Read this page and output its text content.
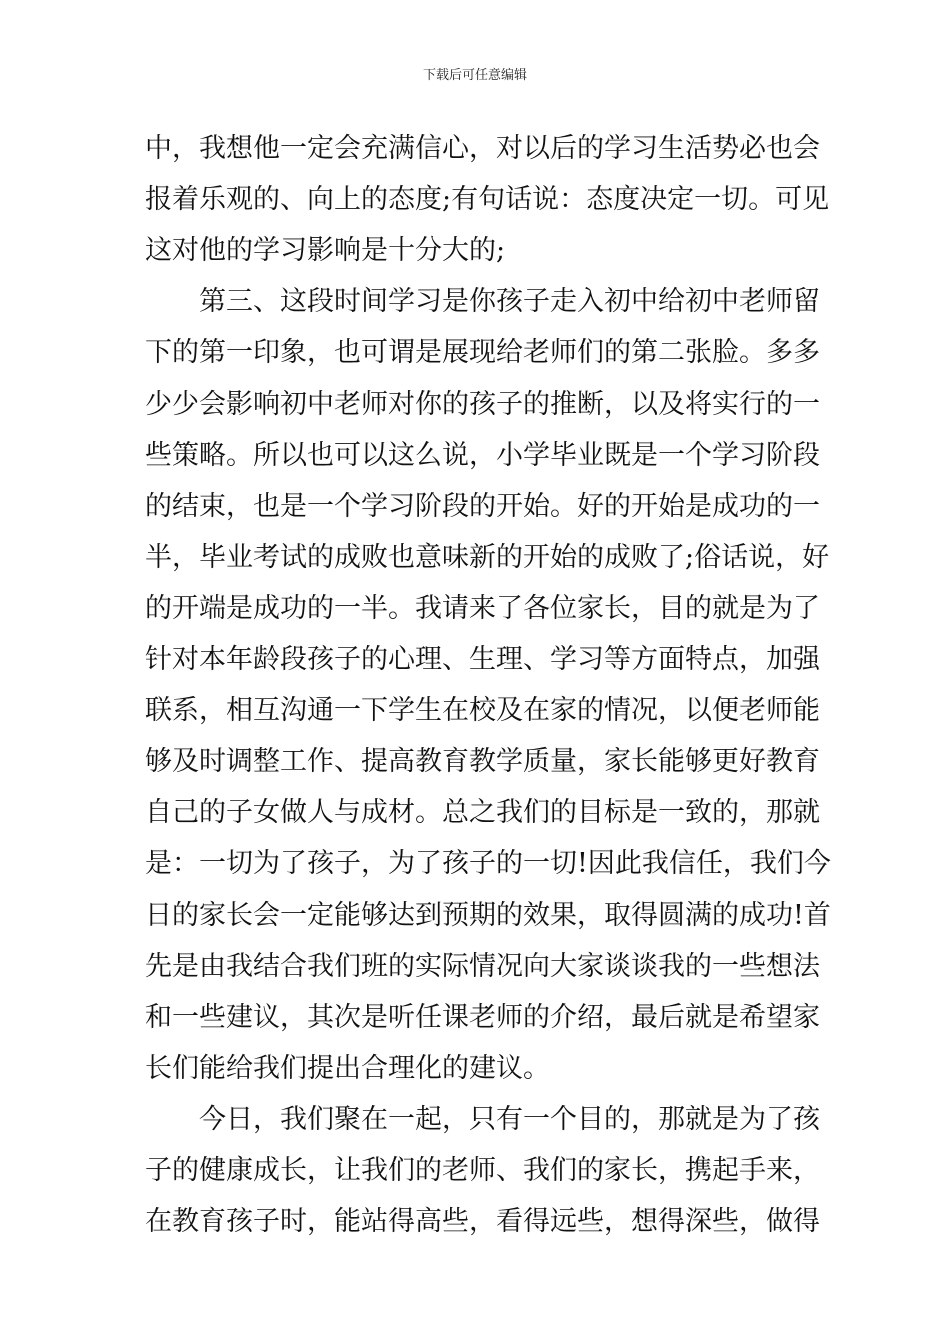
下载后可任意编辑
中，我想他一定会充满信心，对以后的学习生活势必也会
报着乐观的、向上的态度;有句话说：态度决定一切。可见
这对他的学习影响是十分大的;
第三、这段时间学习是你孩子走入初中给初中老师留
下的第一印象，也可谓是展现给老师们的第二张脸。多多
少少会影响初中老师对你的孩子的推断，以及将实行的一
些策略。所以也可以这么说，小学毕业既是一个学习阶段
的结束，也是一个学习阶段的开始。好的开始是成功的一
半，毕业考试的成败也意味新的开始的成败了;俗话说，好
的开端是成功的一半。我请来了各位家长，目的就是为了
针对本年龄段孩子的心理、生理、学习等方面特点，加强
联系，相互沟通一下学生在校及在家的情况，以便老师能
够及时调整工作、提高教育教学质量，家长能够更好教育
自己的子女做人与成材。总之我们的目标是一致的，那就
是：一切为了孩子，为了孩子的一切!因此我信任，我们今
日的家长会一定能够达到预期的效果，取得圆满的成功!首
先是由我结合我们班的实际情况向大家谈谈我的一些想法
和一些建议，其次是听任课老师的介绍，最后就是希望家
长们能给我们提出合理化的建议。
今日，我们聚在一起，只有一个目的，那就是为了孩
子的健康成长，让我们的老师、我们的家长，携起手来，
在教育孩子时，能站得高些，看得远些，想得深些，做得
